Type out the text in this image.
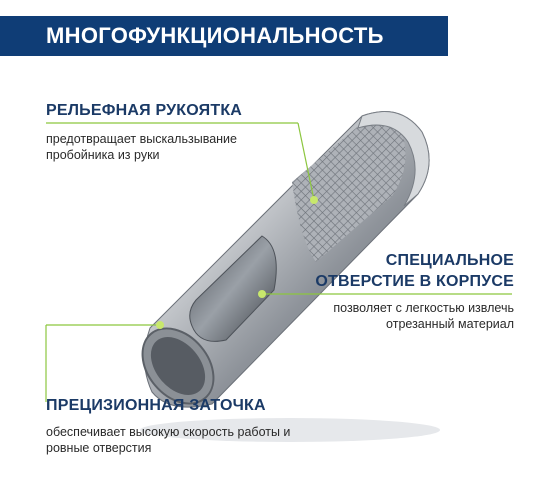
МНОГОФУНКЦИОНАЛЬНОСТЬ
РЕЛЬЕФНАЯ РУКОЯТКА
предотвращает выскальзывание пробойника из руки
СПЕЦИАЛЬНОЕ
ОТВЕРСТИЕ В КОРПУСЕ
позволяет с легкостью извлечь отрезанный материал
ПРЕЦИЗИОННАЯ ЗАТОЧКА
обеспечивает высокую скорость работы и ровные отверстия
